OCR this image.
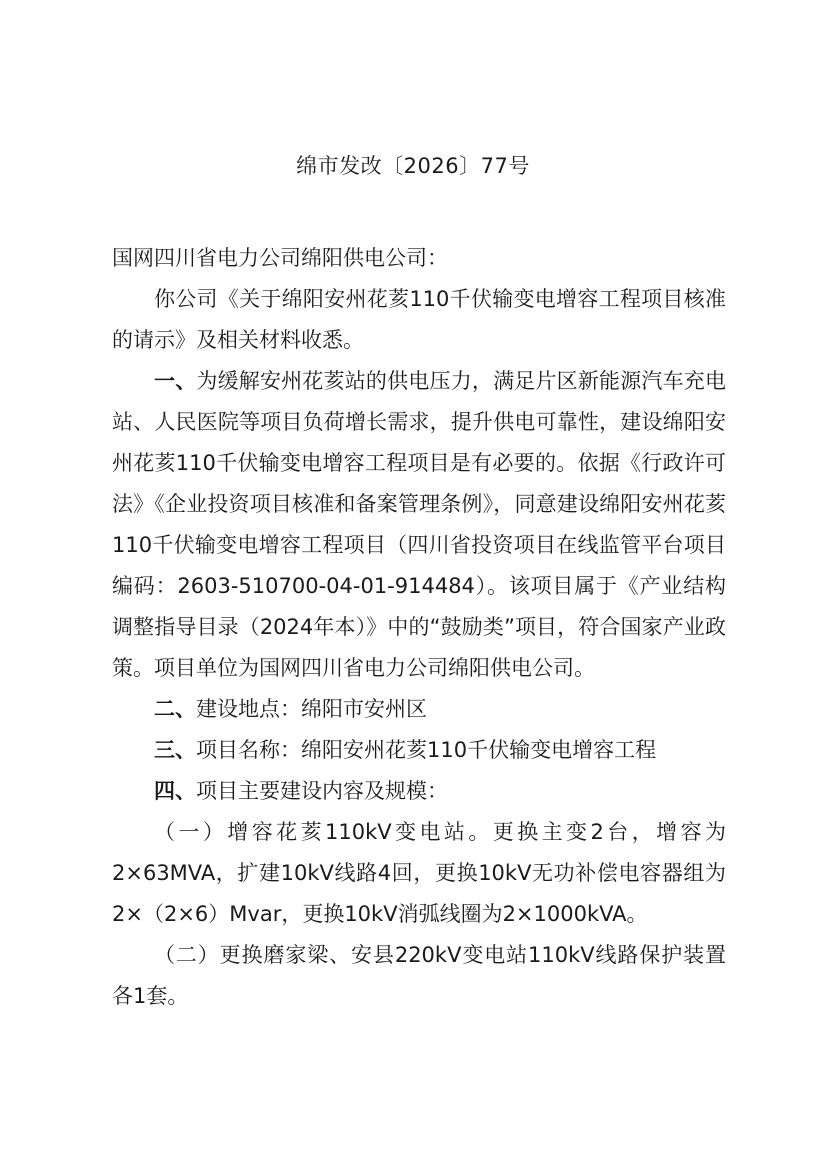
绵市发改〔2026〕77号

国网四川省电力公司绵阳供电公司：

你公司《关于绵阳安州花荄110千伏输变电增容工程项目核准的请示》及相关材料收悉。

一、为缓解安州花荄站的供电压力，满足片区新能源汽车充电站、人民医院等项目负荷增长需求，提升供电可靠性，建设绵阳安州花荄110千伏输变电增容工程项目是有必要的。依据《行政许可法》《企业投资项目核准和备案管理条例》，同意建设绵阳安州花荄110千伏输变电增容工程项目（四川省投资项目在线监管平台项目编码：2603-510700-04-01-914484）。该项目属于《产业结构调整指导目录（2024年本）》中的“鼓励类”项目，符合国家产业政策。项目单位为国网四川省电力公司绵阳供电公司。

二、建设地点：绵阳市安州区

三、项目名称：绵阳安州花荄110千伏输变电增容工程

四、项目主要建设内容及规模：

（一）增容花荄110kV变电站。更换主变2台，增容为2×63MVA，扩建10kV线路4回，更换10kV无功补偿电容器组为2×（2×6）Mvar，更换10kV消弧线圈为2×1000kVA。

（二）更换磨家梁、安县220kV变电站110kV线路保护装置各1套。
